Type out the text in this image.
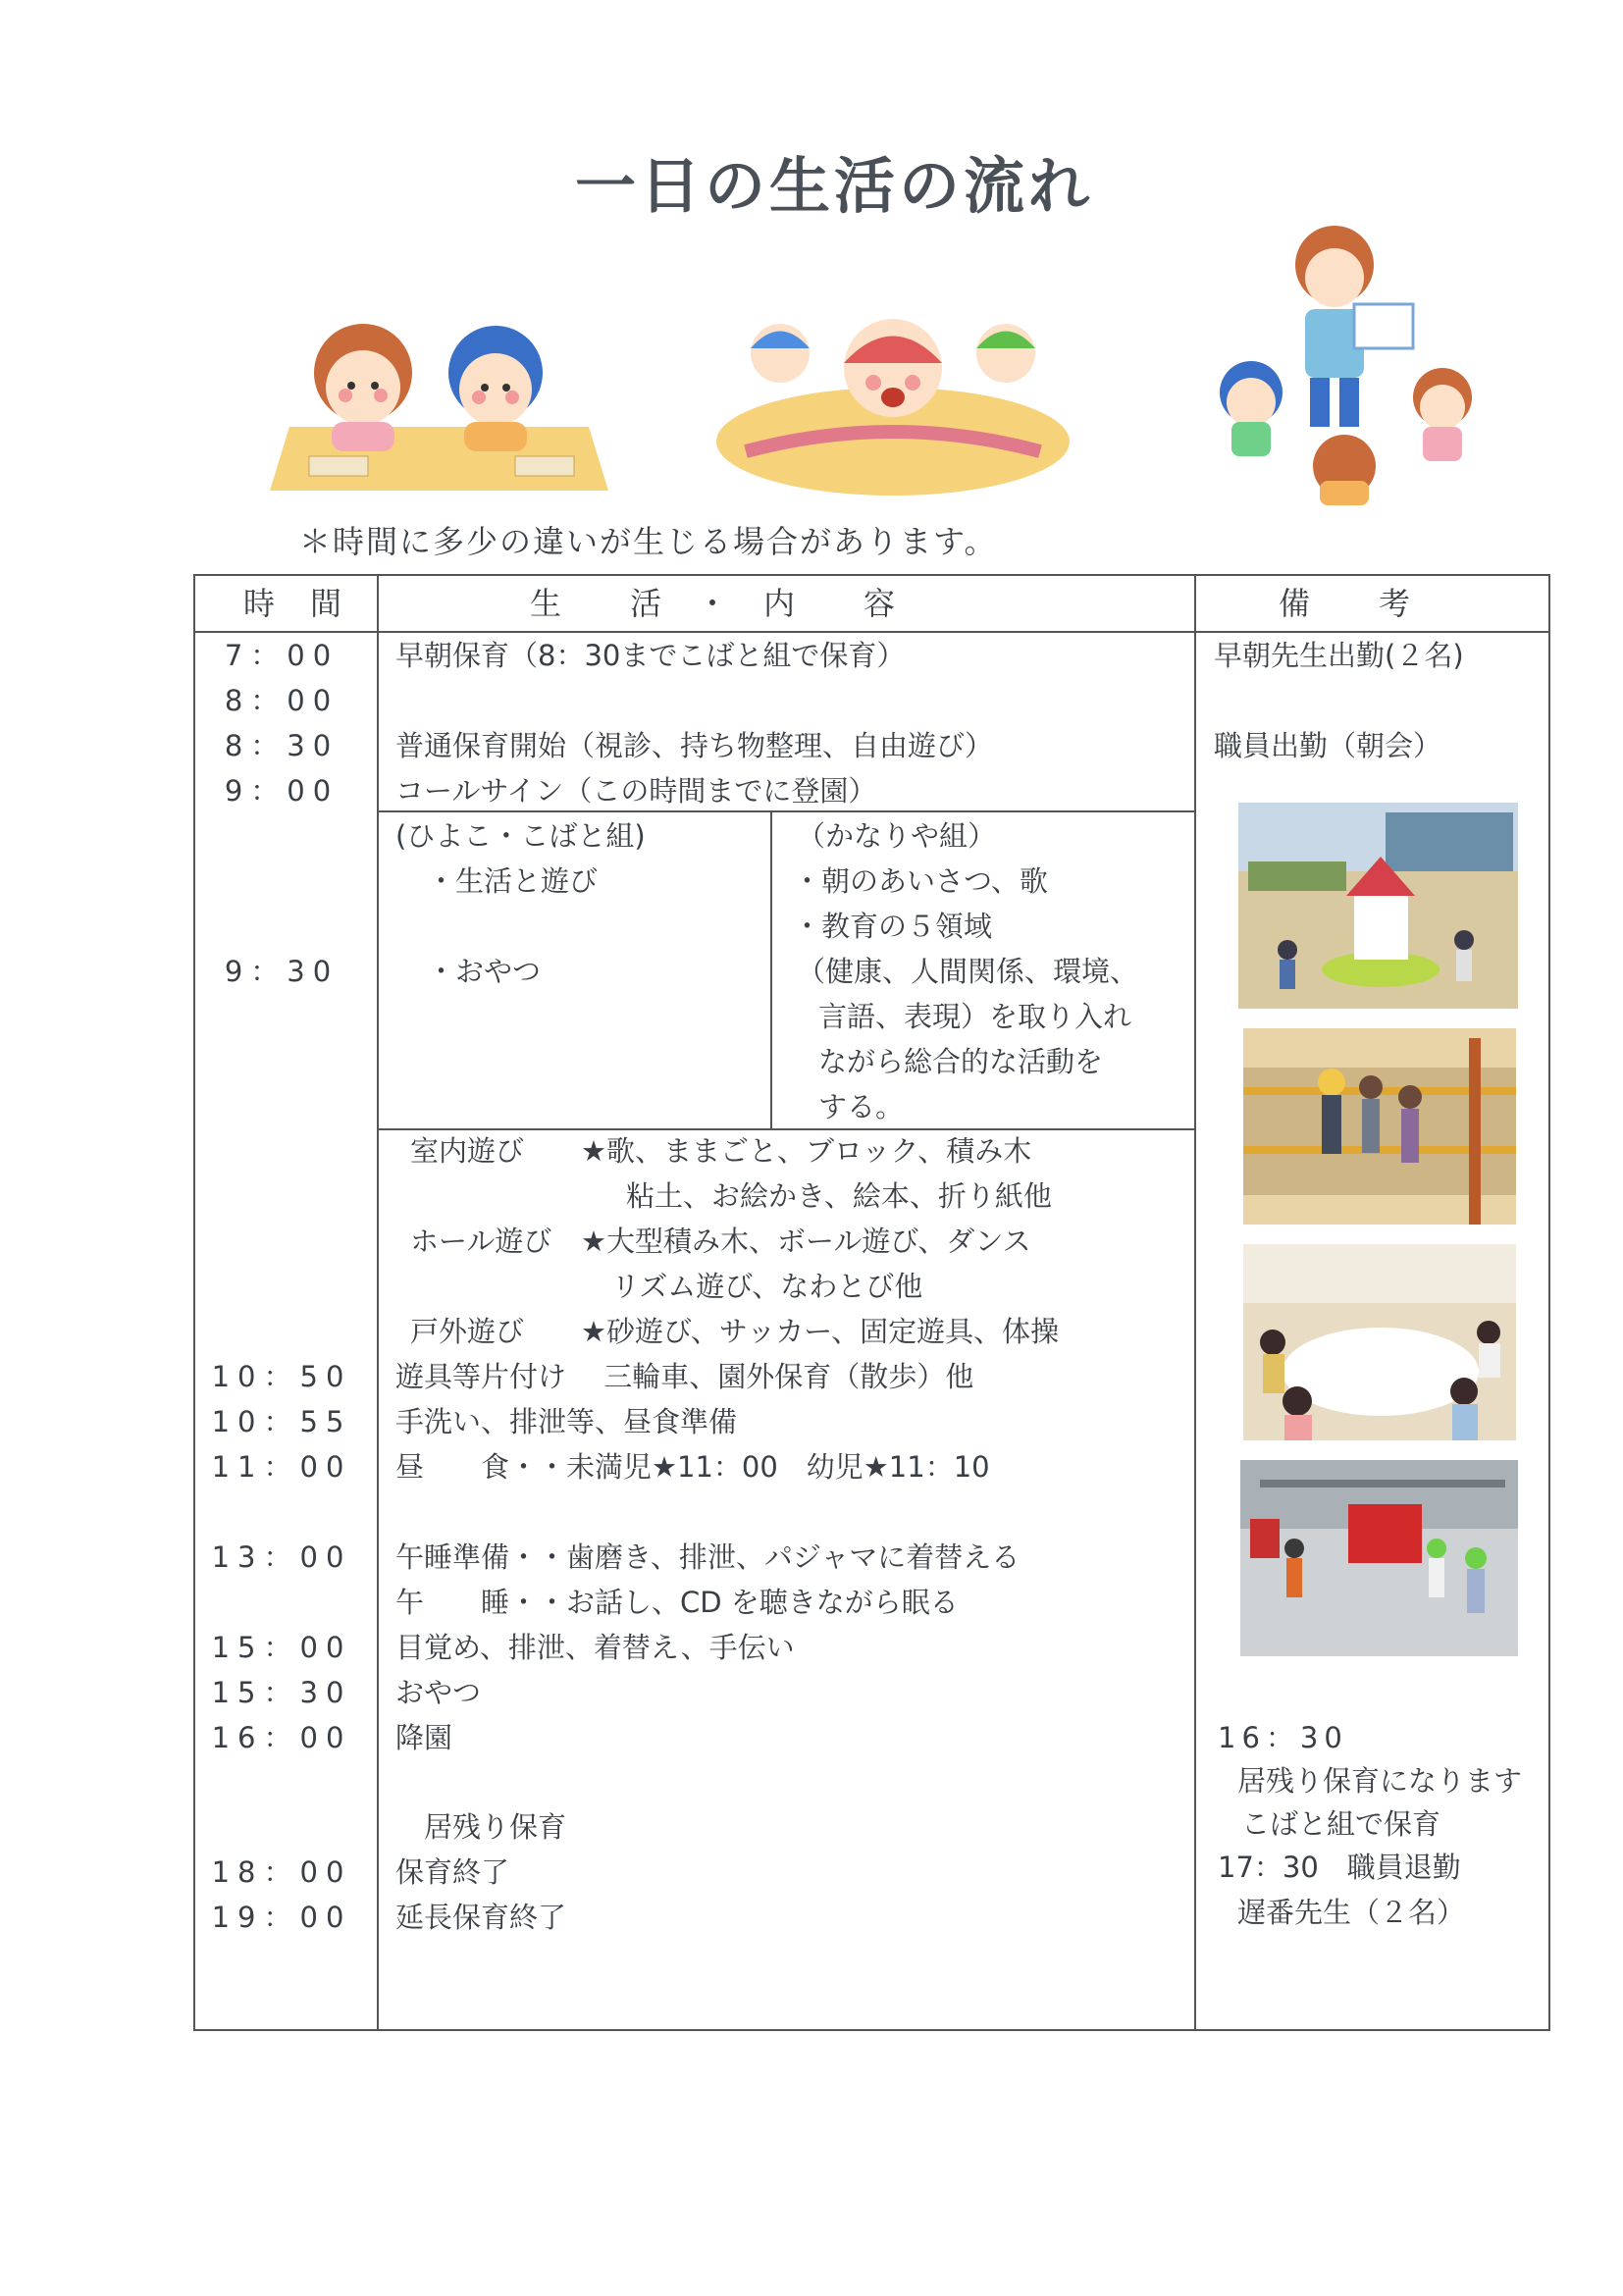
一日の生活の流れ
＊時間に多少の違いが生じる場合があります。
時　間	生　　活　・　内　　容	備　　考
7：00
8：00
8：30
9：00
9：30
10：50
10：55
11：00
13：00
15：00
15：30
16：00
18：00
19：00
早朝保育（8：30までこばと組で保育）
普通保育開始（視診、持ち物整理、自由遊び）
コールサイン（この時間までに登園）
(ひよこ・こばと組)
・生活と遊び
・おやつ
（かなりや組）
・朝のあいさつ、歌
・教育の５領域
（健康、人間関係、環境、
言語、表現）を取り入れ
ながら総合的な活動を
する。
室内遊び ★歌、ままごと、ブロック、積み木
粘土、お絵かき、絵本、折り紙他
ホール遊び ★大型積み木、ボール遊び、ダンス
リズム遊び、なわとび他
戸外遊び ★砂遊び、サッカー、固定遊具、体操
遊具等片付け　 三輪車、園外保育（散歩）他
手洗い、排泄等、昼食準備
昼　　食・・未満児★11：00　幼児★11：10
午睡準備・・歯磨き、排泄、パジャマに着替える
午　　睡・・お話し、CD を聴きながら眠る
目覚め、排泄、着替え、手伝い
おやつ
降園
居残り保育
保育終了
延長保育終了
早朝先生出勤(２名)
職員出勤（朝会）
16：30
居残り保育になります
こばと組で保育
17：30　職員退勤
遅番先生（２名）
